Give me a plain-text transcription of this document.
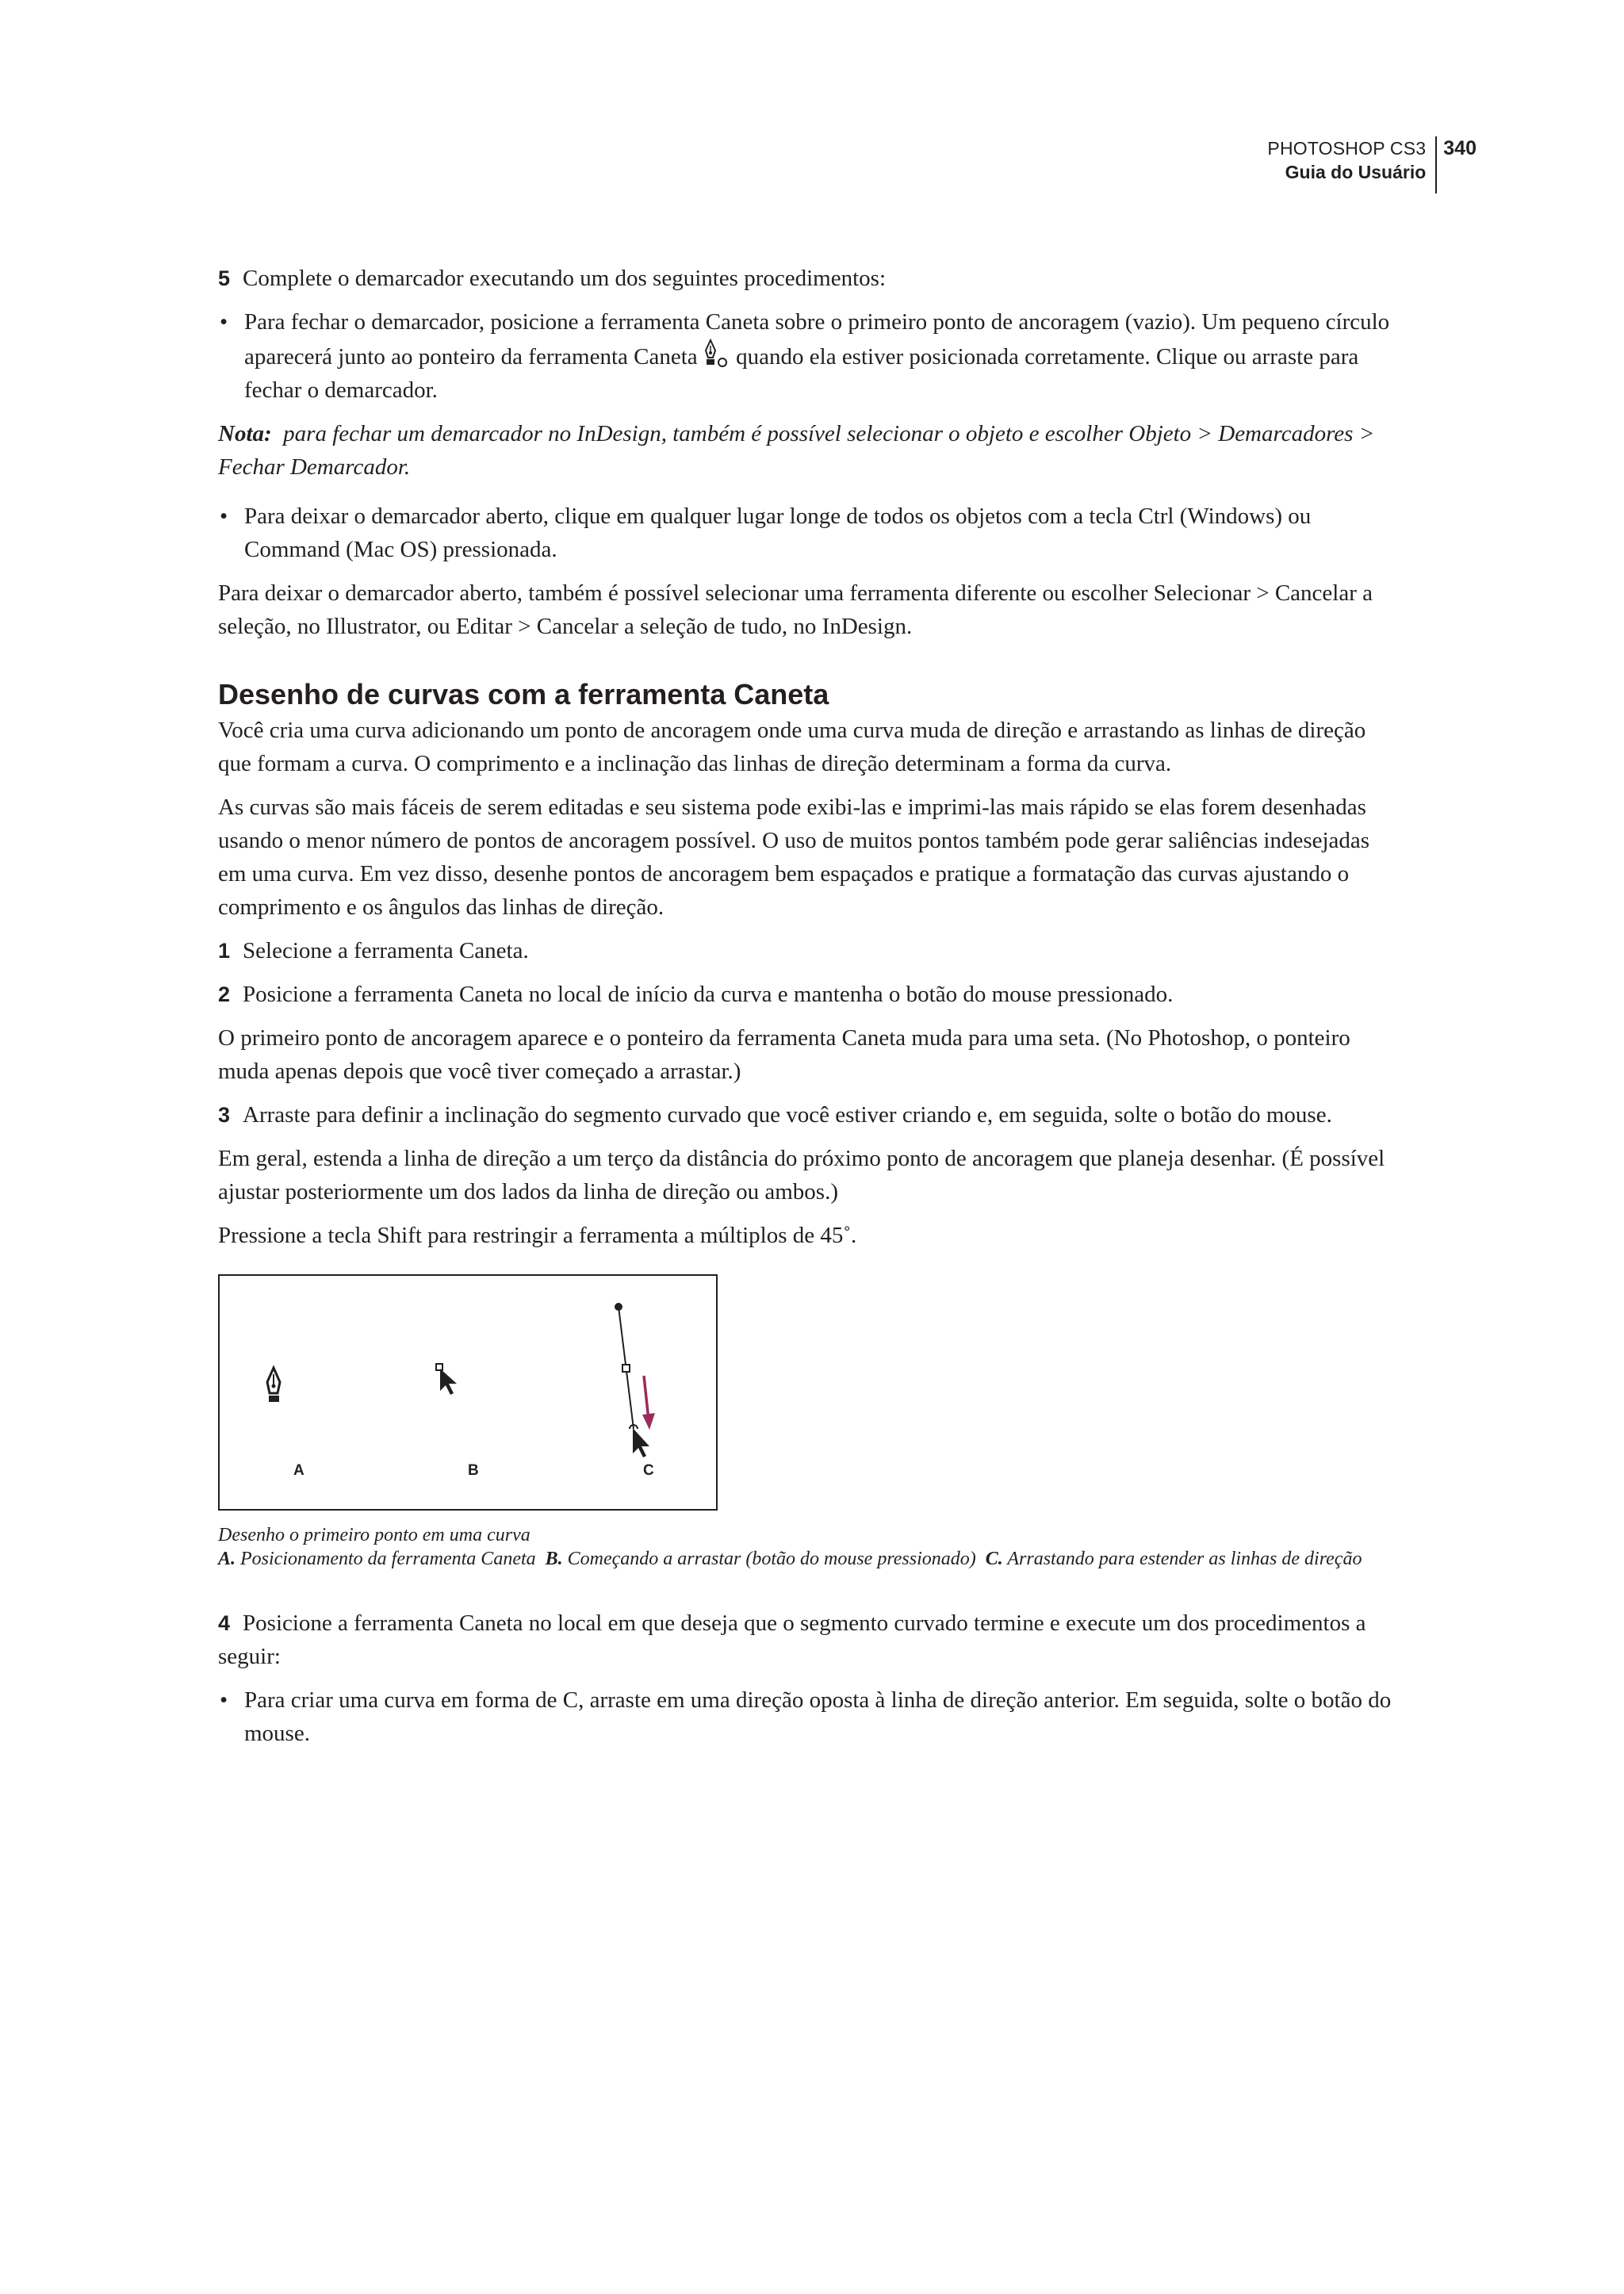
PHOTOSHOP CS3
Guia do Usuário
340

5 Complete o demarcador executando um dos seguintes procedimentos:

• Para fechar o demarcador, posicione a ferramenta Caneta sobre o primeiro ponto de ancoragem (vazio). Um pequeno círculo aparecerá junto ao ponteiro da ferramenta Caneta  quando ela estiver posicionada corretamente. Clique ou arraste para fechar o demarcador.

Nota: para fechar um demarcador no InDesign, também é possível selecionar o objeto e escolher Objeto > Demarcadores > Fechar Demarcador.

• Para deixar o demarcador aberto, clique em qualquer lugar longe de todos os objetos com a tecla Ctrl (Windows) ou Command (Mac OS) pressionada.

Para deixar o demarcador aberto, também é possível selecionar uma ferramenta diferente ou escolher Selecionar > Cancelar a seleção, no Illustrator, ou Editar > Cancelar a seleção de tudo, no InDesign.

Desenho de curvas com a ferramenta Caneta

Você cria uma curva adicionando um ponto de ancoragem onde uma curva muda de direção e arrastando as linhas de direção que formam a curva. O comprimento e a inclinação das linhas de direção determinam a forma da curva.

As curvas são mais fáceis de serem editadas e seu sistema pode exibi-las e imprimi-las mais rápido se elas forem desenhadas usando o menor número de pontos de ancoragem possível. O uso de muitos pontos também pode gerar saliências indesejadas em uma curva. Em vez disso, desenhe pontos de ancoragem bem espaçados e pratique a formatação das curvas ajustando o comprimento e os ângulos das linhas de direção.

1 Selecione a ferramenta Caneta.

2 Posicione a ferramenta Caneta no local de início da curva e mantenha o botão do mouse pressionado.

O primeiro ponto de ancoragem aparece e o ponteiro da ferramenta Caneta muda para uma seta. (No Photoshop, o ponteiro muda apenas depois que você tiver começado a arrastar.)

3 Arraste para definir a inclinação do segmento curvado que você estiver criando e, em seguida, solte o botão do mouse.

Em geral, estenda a linha de direção a um terço da distância do próximo ponto de ancoragem que planeja desenhar. (É possível ajustar posteriormente um dos lados da linha de direção ou ambos.)

Pressione a tecla Shift para restringir a ferramenta a múltiplos de 45˚.

A	B	C
Desenho o primeiro ponto em uma curva
A. Posicionamento da ferramenta Caneta B. Começando a arrastar (botão do mouse pressionado) C. Arrastando para estender as linhas de direção

4 Posicione a ferramenta Caneta no local em que deseja que o segmento curvado termine e execute um dos procedimentos a seguir:

• Para criar uma curva em forma de C, arraste em uma direção oposta à linha de direção anterior. Em seguida, solte o botão do mouse.
